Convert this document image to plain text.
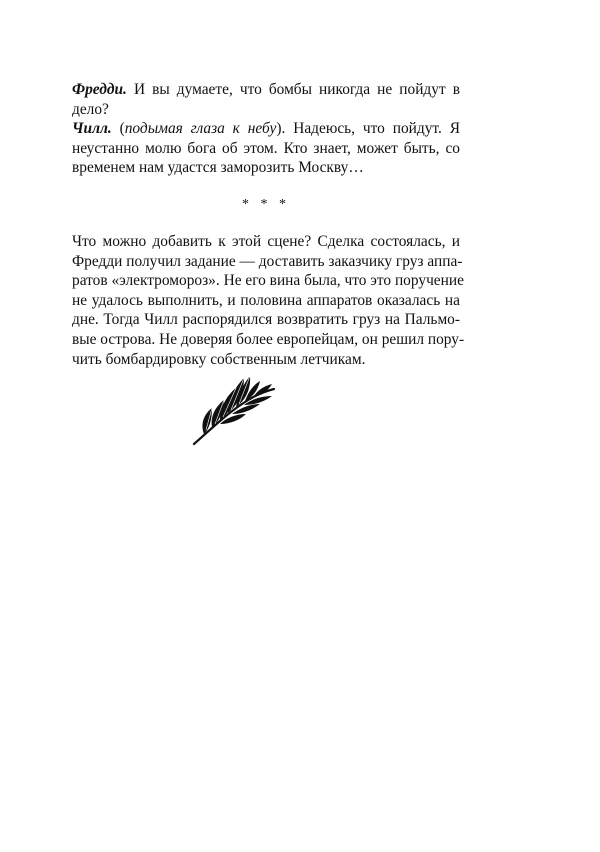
Фредди. И вы думаете, что бомбы никогда не пойдут в
дело?

Чилл. (подымая глаза к небу). Надеюсь, что пойдут. Я
неустанно молю бога об этом. Кто знает, может быть, со
временем нам удастся заморозить Москву…

* * *

Что можно добавить к этой сцене? Сделка состоялась, и
Фредди получил задание — доставить заказчику груз аппа-
ратов «электромороз». Не его вина была, что это поручение
не удалось выполнить, и половина аппаратов оказалась на
дне. Тогда Чилл распорядился возвратить груз на Пальмо-
вые острова. Не доверяя более европейцам, он решил пору-
чить бомбардировку собственным летчикам.
